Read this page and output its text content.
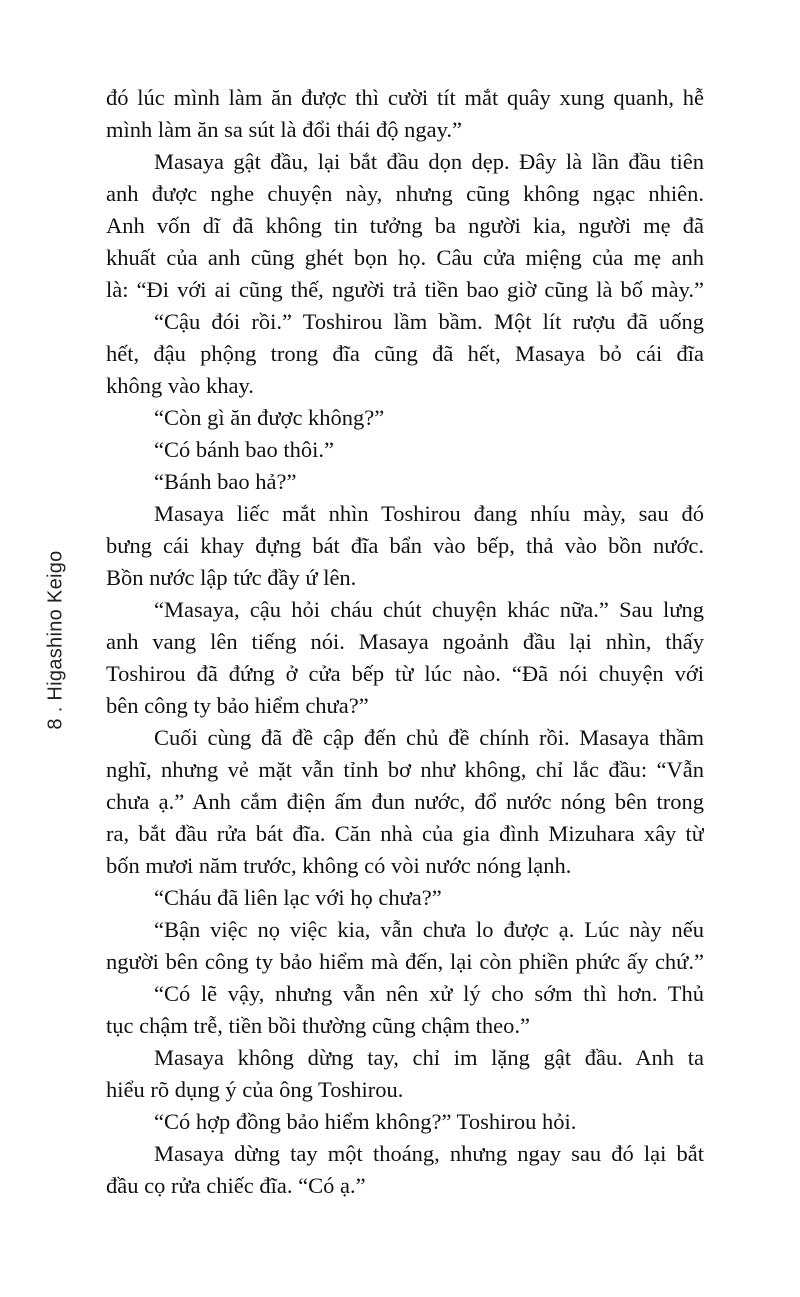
8 . Higashino Keigo
đó lúc mình làm ăn được thì cười tít mắt quây xung quanh, hễ
mình làm ăn sa sút là đổi thái độ ngay.”
Masaya gật đầu, lại bắt đầu dọn dẹp. Đây là lần đầu tiên
anh được nghe chuyện này, nhưng cũng không ngạc nhiên.
Anh vốn dĩ đã không tin tưởng ba người kia, người mẹ đã
khuất của anh cũng ghét bọn họ. Câu cửa miệng của mẹ anh
là: “Đi với ai cũng thế, người trả tiền bao giờ cũng là bố mày.”
“Cậu đói rồi.” Toshirou lầm bầm. Một lít rượu đã uống
hết, đậu phộng trong đĩa cũng đã hết, Masaya bỏ cái đĩa
không vào khay.
“Còn gì ăn được không?”
“Có bánh bao thôi.”
“Bánh bao hả?”
Masaya liếc mắt nhìn Toshirou đang nhíu mày, sau đó
bưng cái khay đựng bát đĩa bẩn vào bếp, thả vào bồn nước.
Bồn nước lập tức đầy ứ lên.
“Masaya, cậu hỏi cháu chút chuyện khác nữa.” Sau lưng
anh vang lên tiếng nói. Masaya ngoảnh đầu lại nhìn, thấy
Toshirou đã đứng ở cửa bếp từ lúc nào. “Đã nói chuyện với
bên công ty bảo hiểm chưa?”
Cuối cùng đã đề cập đến chủ đề chính rồi. Masaya thầm
nghĩ, nhưng vẻ mặt vẫn tỉnh bơ như không, chỉ lắc đầu: “Vẫn
chưa ạ.” Anh cắm điện ấm đun nước, đổ nước nóng bên trong
ra, bắt đầu rửa bát đĩa. Căn nhà của gia đình Mizuhara xây từ
bốn mươi năm trước, không có vòi nước nóng lạnh.
“Cháu đã liên lạc với họ chưa?”
“Bận việc nọ việc kia, vẫn chưa lo được ạ. Lúc này nếu
người bên công ty bảo hiểm mà đến, lại còn phiền phức ấy chứ.”
“Có lẽ vậy, nhưng vẫn nên xử lý cho sớm thì hơn. Thủ
tục chậm trễ, tiền bồi thường cũng chậm theo.”
Masaya không dừng tay, chỉ im lặng gật đầu. Anh ta
hiểu rõ dụng ý của ông Toshirou.
“Có hợp đồng bảo hiểm không?” Toshirou hỏi.
Masaya dừng tay một thoáng, nhưng ngay sau đó lại bắt
đầu cọ rửa chiếc đĩa. “Có ạ.”
